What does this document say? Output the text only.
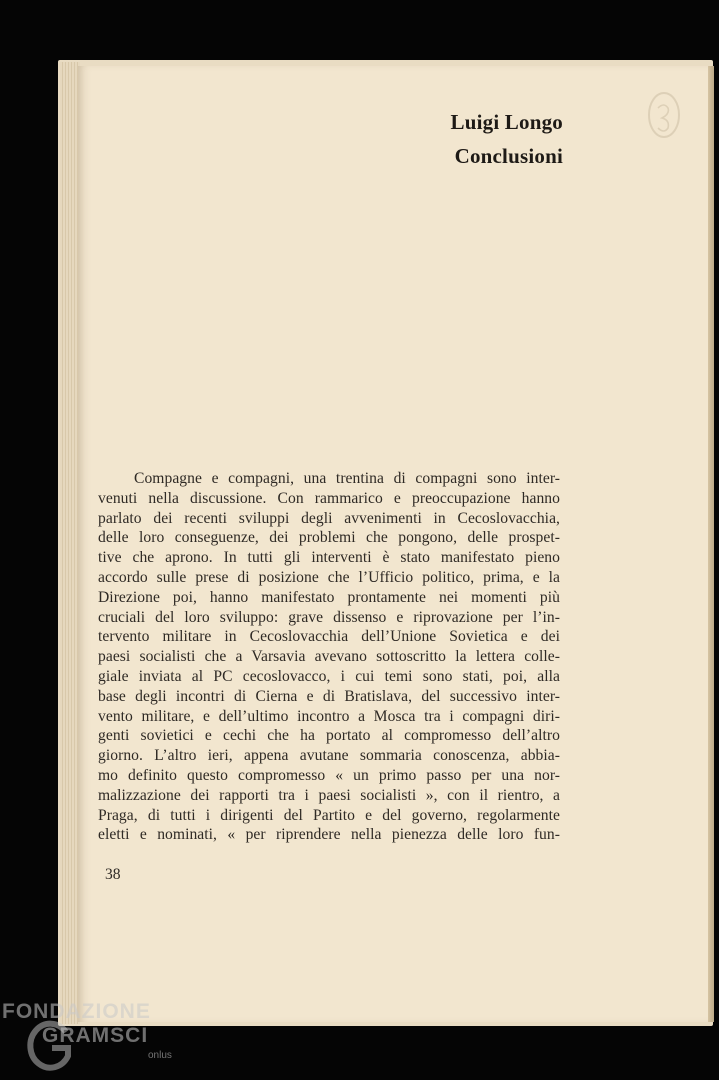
Luigi Longo
Conclusioni
Compagne e compagni, una trentina di compagni sono inter-
venuti nella discussione. Con rammarico e preoccupazione hanno
parlato dei recenti sviluppi degli avvenimenti in Cecoslovacchia,
delle loro conseguenze, dei problemi che pongono, delle prospet-
tive che aprono. In tutti gli interventi è stato manifestato pieno
accordo sulle prese di posizione che l’Ufficio politico, prima, e la
Direzione poi, hanno manifestato prontamente nei momenti più
cruciali del loro sviluppo: grave dissenso e riprovazione per l’in-
tervento militare in Cecoslovacchia dell’Unione Sovietica e dei
paesi socialisti che a Varsavia avevano sottoscritto la lettera colle-
giale inviata al PC cecoslovacco, i cui temi sono stati, poi, alla
base degli incontri di Cierna e di Bratislava, del successivo inter-
vento militare, e dell’ultimo incontro a Mosca tra i compagni diri-
genti sovietici e cechi che ha portato al compromesso dell’altro
giorno. L’altro ieri, appena avutane sommaria conoscenza, abbia-
mo definito questo compromesso « un primo passo per una nor-
malizzazione dei rapporti tra i paesi socialisti », con il rientro, a
Praga, di tutti i dirigenti del Partito e del governo, regolarmente
eletti e nominati, « per riprendere nella pienezza delle loro fun-
38
FONDAZIONE
GRAMSCI
onlus
